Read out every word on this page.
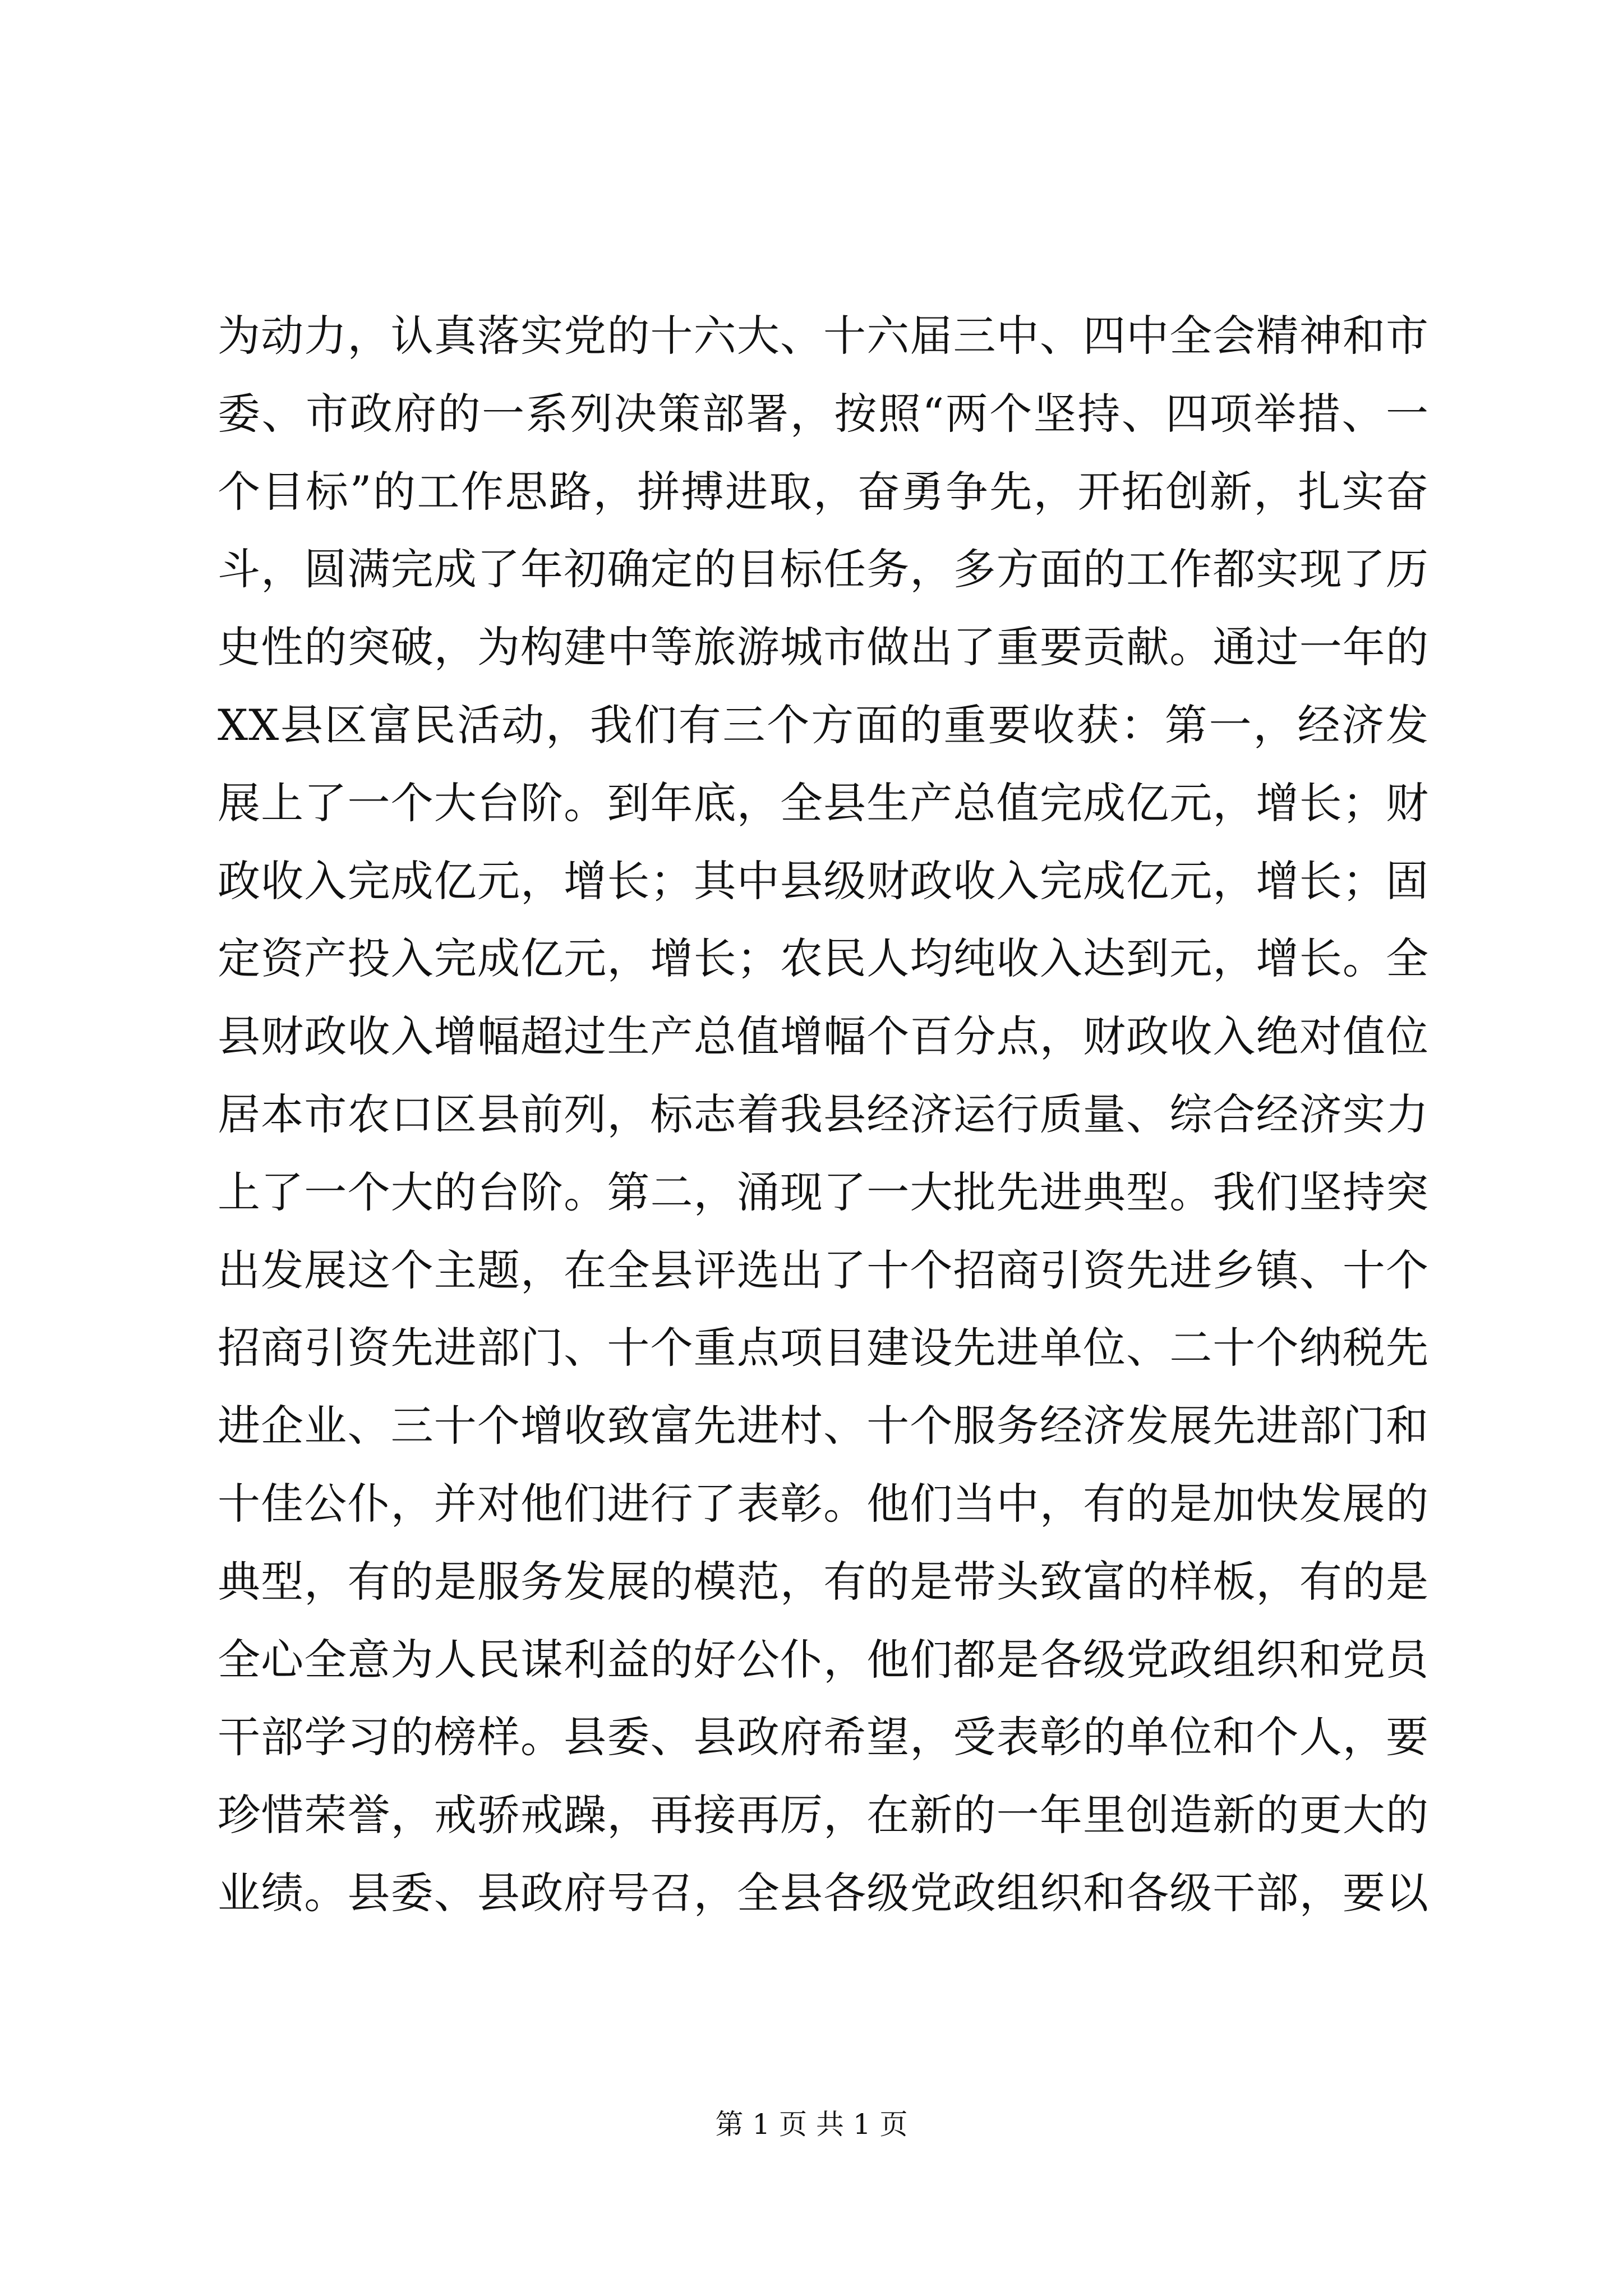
为动力，认真落实党的十六大、十六届三中、四中全会精神和市
委、市政府的一系列决策部署，按照“两个坚持、四项举措、一
个目标”的工作思路，拼搏进取，奋勇争先，开拓创新，扎实奋
斗，圆满完成了年初确定的目标任务，多方面的工作都实现了历
史性的突破，为构建中等旅游城市做出了重要贡献。通过一年的
XX县区富民活动，我们有三个方面的重要收获：第一，经济发
展上了一个大台阶。到年底，全县生产总值完成亿元，增长；财
政收入完成亿元，增长；其中县级财政收入完成亿元，增长；固
定资产投入完成亿元，增长；农民人均纯收入达到元，增长。全
县财政收入增幅超过生产总值增幅个百分点，财政收入绝对值位
居本市农口区县前列，标志着我县经济运行质量、综合经济实力
上了一个大的台阶。第二，涌现了一大批先进典型。我们坚持突
出发展这个主题，在全县评选出了十个招商引资先进乡镇、十个
招商引资先进部门、十个重点项目建设先进单位、二十个纳税先
进企业、三十个增收致富先进村、十个服务经济发展先进部门和
十佳公仆，并对他们进行了表彰。他们当中，有的是加快发展的
典型，有的是服务发展的模范，有的是带头致富的样板，有的是
全心全意为人民谋利益的好公仆，他们都是各级党政组织和党员
干部学习的榜样。县委、县政府希望，受表彰的单位和个人，要
珍惜荣誉，戒骄戒躁，再接再厉，在新的一年里创造新的更大的
业绩。县委、县政府号召，全县各级党政组织和各级干部，要以
第 1 页 共 1 页
